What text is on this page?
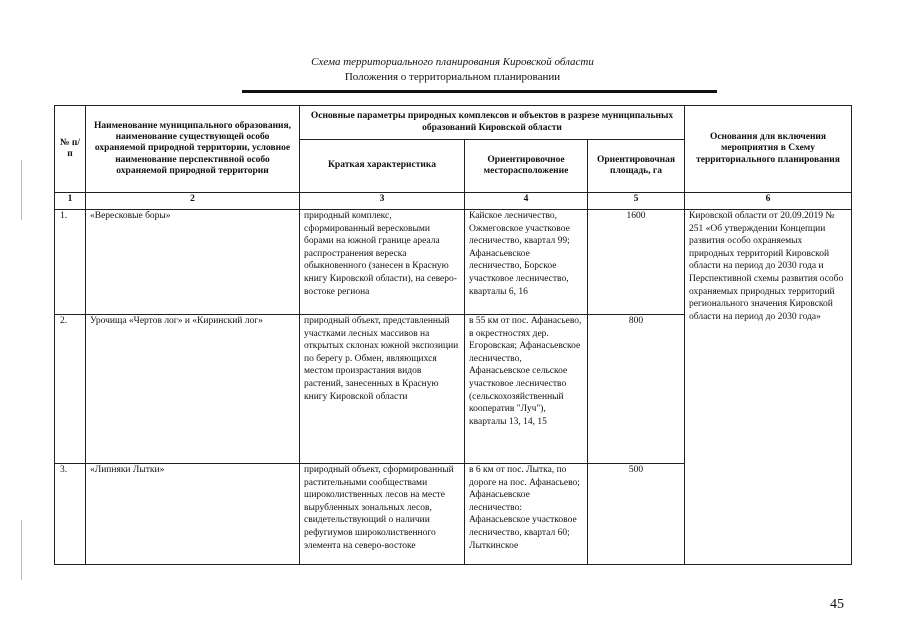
Схема территориального планирования Кировской области
Положения о территориальном планировании
№ п/п	Наименование муниципального образования, наименование существующей особо охраняемой природной территории, условное наименование перспективной особо охраняемой природной территории	Основные параметры природных комплексов и объектов в разрезе муниципальных образований Кировской области			Основания для включения мероприятия в Схему территориального планирования
		Краткая характеристика	Ориентировочное месторасположение	Ориентировочная площадь, га	
1	2	3	4	5	6
1.	«Вересковые боры»	природный комплекс, сформированный вересковыми борами на южной границе ареала распространения вереска обыкновенного (занесен в Красную книгу Кировской области), на северо-востоке региона	Кайское лесничество, Ожмеговское участковое лесничество, квартал 99; Афанасьевское лесничество, Борское участковое лесничество, кварталы 6, 16	1600	Кировской области от 20.09.2019 № 251 «Об утверждении Концепции развития особо охраняемых природных территорий Кировской области на период до 2030 года и Перспективной схемы развития особо охраняемых природных территорий регионального значения Кировской области на период до 2030 года»
2.	Урочища «Чертов лог» и «Киринский лог»	природный объект, представленный участками лесных массивов на открытых склонах южной экспозиции по берегу р. Обмен, являющихся местом произрастания видов растений, занесенных в Красную книгу Кировской области	в 55 км от пос. Афанасьево, в окрестностях дер. Егоровская; Афанасьевское лесничество, Афанасьевское сельское участковое лесничество (сельскохозяйственный кооператив "Луч"), кварталы 13, 14, 15	800	
3.	«Липняки Лытки»	природный объект, сформированный растительными сообществами широколиственных лесов на месте вырубленных зональных лесов, свидетельствующий о наличии рефугиумов широколиственного элемента на северо-востоке	в 6 км от пос. Лытка, по дороге на пос. Афанасьево; Афанасьевское лесничество: Афанасьевское участковое лесничество, квартал 60; Лыткинское	500	
45
